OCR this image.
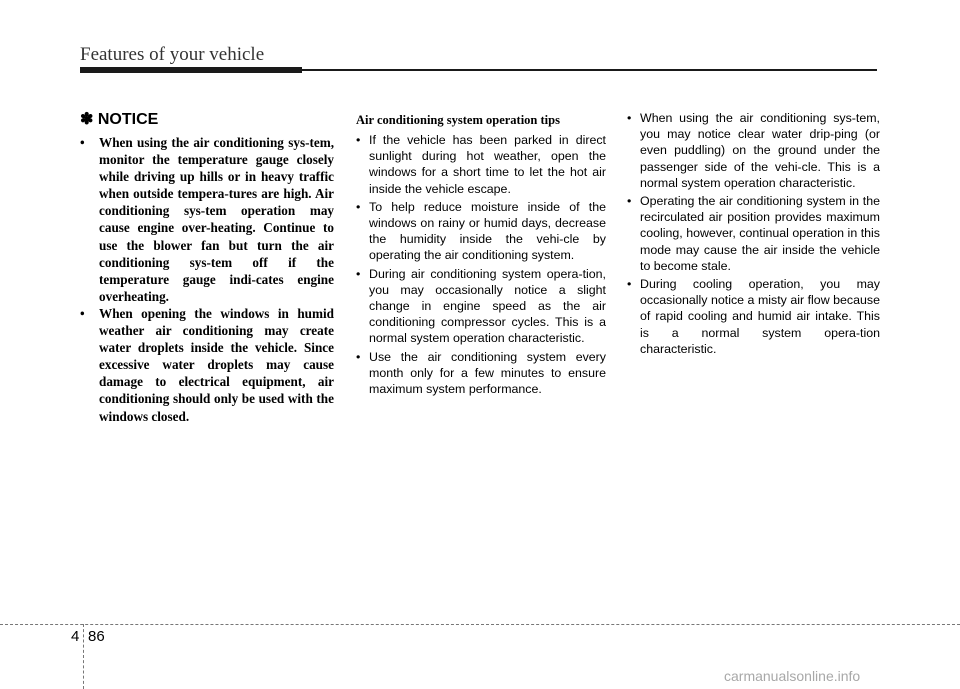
Features of your vehicle
✽ NOTICE
• When using the air conditioning sys-tem, monitor the temperature gauge closely while driving up hills or in heavy traffic when outside tempera-tures are high. Air conditioning sys-tem operation may cause engine over-heating. Continue to use the blower fan but turn the air conditioning sys-tem off if the temperature gauge indi-cates engine overheating.
• When opening the windows in humid weather air conditioning may create water droplets inside the vehicle. Since excessive water droplets may cause damage to electrical equipment, air conditioning should only be used with the windows closed.
Air conditioning system operation tips
• If the vehicle has been parked in direct sunlight during hot weather, open the windows for a short time to let the hot air inside the vehicle escape.
• To help reduce moisture inside of the windows on rainy or humid days, decrease the humidity inside the vehi-cle by operating the air conditioning system.
• During air conditioning system opera-tion, you may occasionally notice a slight change in engine speed as the air conditioning compressor cycles. This is a normal system operation characteristic.
• Use the air conditioning system every month only for a few minutes to ensure maximum system performance.
• When using the air conditioning sys-tem, you may notice clear water drip-ping (or even puddling) on the ground under the passenger side of the vehi-cle. This is a normal system operation characteristic.
• Operating the air conditioning system in the recirculated air position provides maximum cooling, however, continual operation in this mode may cause the air inside the vehicle to become stale.
• During cooling operation, you may occasionally notice a misty air flow because of rapid cooling and humid air intake. This is a normal system opera-tion characteristic.
4 86
carmanualsonline.info
